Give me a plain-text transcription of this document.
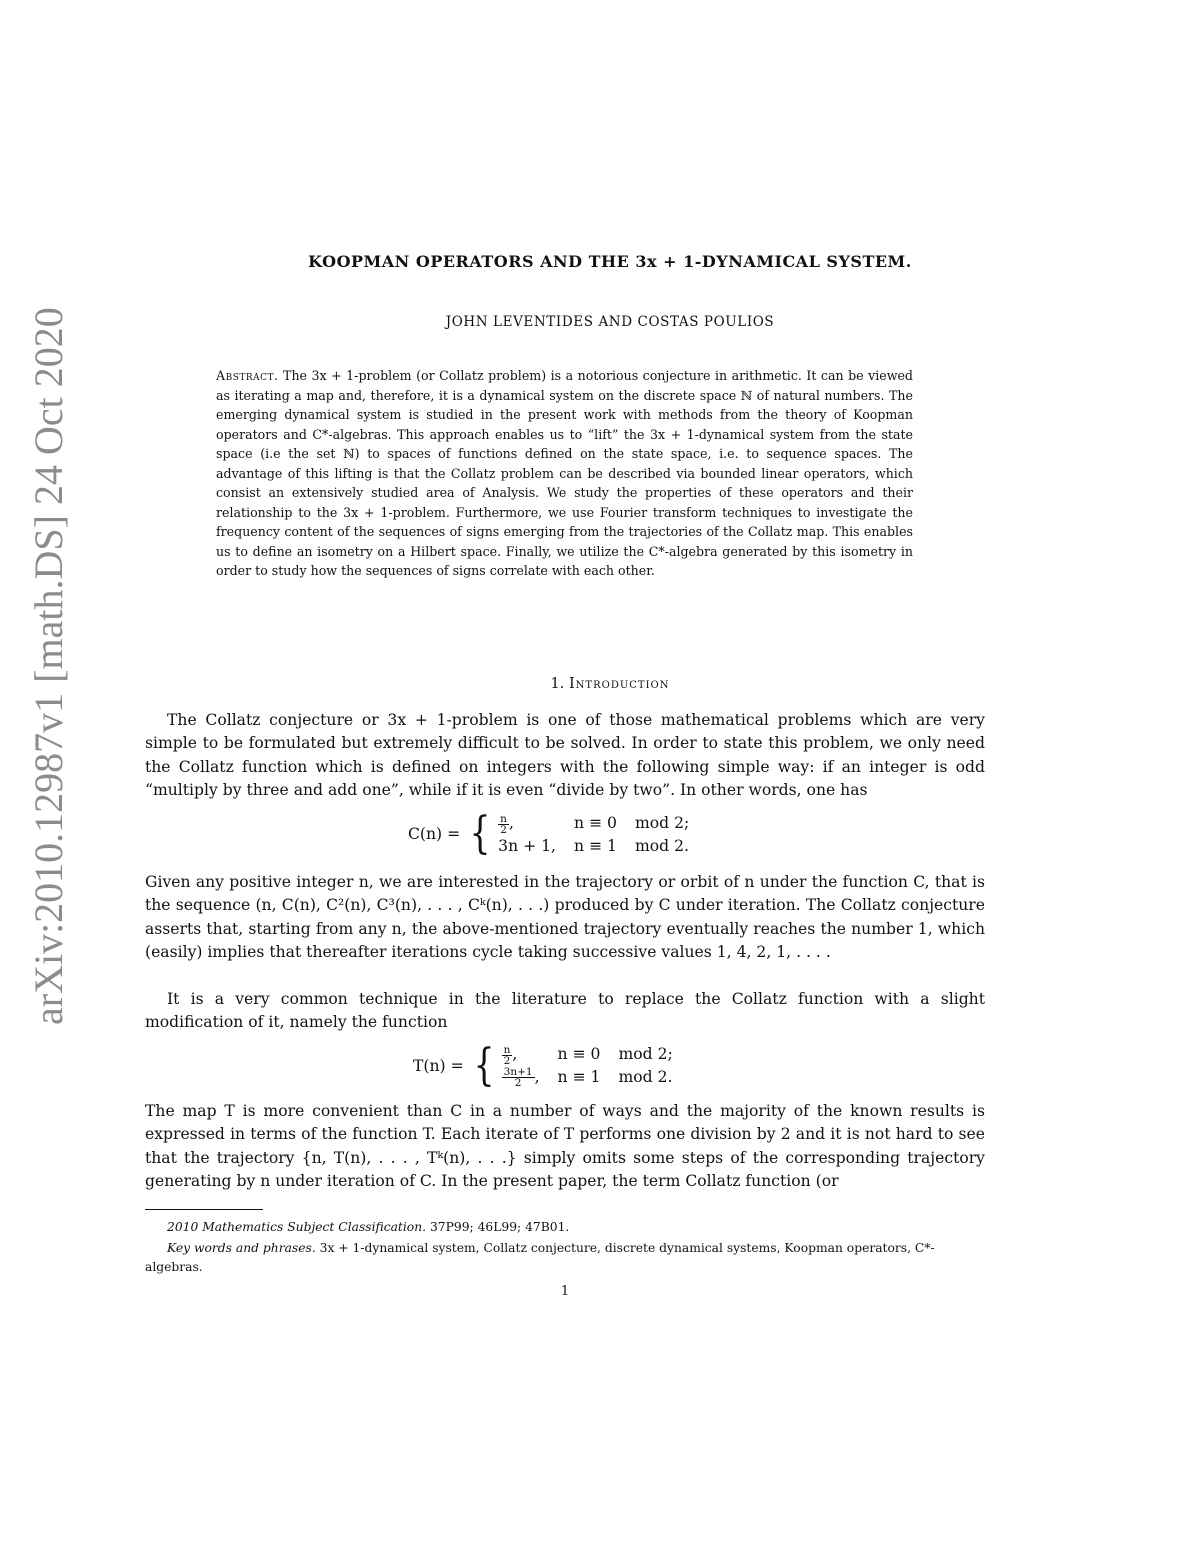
arXiv:2010.12987v1 [math.DS] 24 Oct 2020
KOOPMAN OPERATORS AND THE 3x + 1-DYNAMICAL SYSTEM.
JOHN LEVENTIDES AND COSTAS POULIOS
Abstract. The 3x + 1-problem (or Collatz problem) is a notorious conjecture in arithmetic. It can be viewed as iterating a map and, therefore, it is a dynamical system on the discrete space ℕ of natural numbers. The emerging dynamical system is studied in the present work with methods from the theory of Koopman operators and C*-algebras. This approach enables us to “lift” the 3x + 1-dynamical system from the state space (i.e the set ℕ) to spaces of functions defined on the state space, i.e. to sequence spaces. The advantage of this lifting is that the Collatz problem can be described via bounded linear operators, which consist an extensively studied area of Analysis. We study the properties of these operators and their relationship to the 3x + 1-problem. Furthermore, we use Fourier transform techniques to investigate the frequency content of the sequences of signs emerging from the trajectories of the Collatz map. This enables us to define an isometry on a Hilbert space. Finally, we utilize the C*-algebra generated by this isometry in order to study how the sequences of signs correlate with each other.
1. Introduction
The Collatz conjecture or 3x + 1-problem is one of those mathematical problems which are very simple to be formulated but extremely difficult to be solved. In order to state this problem, we only need the Collatz function which is defined on integers with the following simple way: if an integer is odd “multiply by three and add one”, while if it is even “divide by two”. In other words, one has
C(n) = { $\frac{n}{2}$ ,	n ≡ 0 mod 2;
3n + 1, n ≡ 1 mod 2.
Given any positive integer n, we are interested in the trajectory or orbit of n under the function C, that is the sequence (n, C(n), C²(n), C³(n), . . . , Cᵏ(n), . . .) produced by C under iteration. The Collatz conjecture asserts that, starting from any n, the above-mentioned trajectory eventually reaches the number 1, which (easily) implies that thereafter iterations cycle taking successive values 1, 4, 2, 1, . . . .
It is a very common technique in the literature to replace the Collatz function with a slight modification of it, namely the function
T(n) = { $\frac{n}{2}$ ,	n ≡ 0 mod 2;
$\frac{3n+1}{2}$ , n ≡ 1 mod 2.
The map T is more convenient than C in a number of ways and the majority of the known results is expressed in terms of the function T. Each iterate of T performs one division by 2 and it is not hard to see that the trajectory {n, T(n), . . . , Tᵏ(n), . . .} simply omits some steps of the corresponding trajectory generating by n under iteration of C. In the present paper, the term Collatz function (or
2010 Mathematics Subject Classification. 37P99; 46L99; 47B01.
Key words and phrases. 3x + 1-dynamical system, Collatz conjecture, discrete dynamical systems, Koopman operators, C*-algebras.
1
